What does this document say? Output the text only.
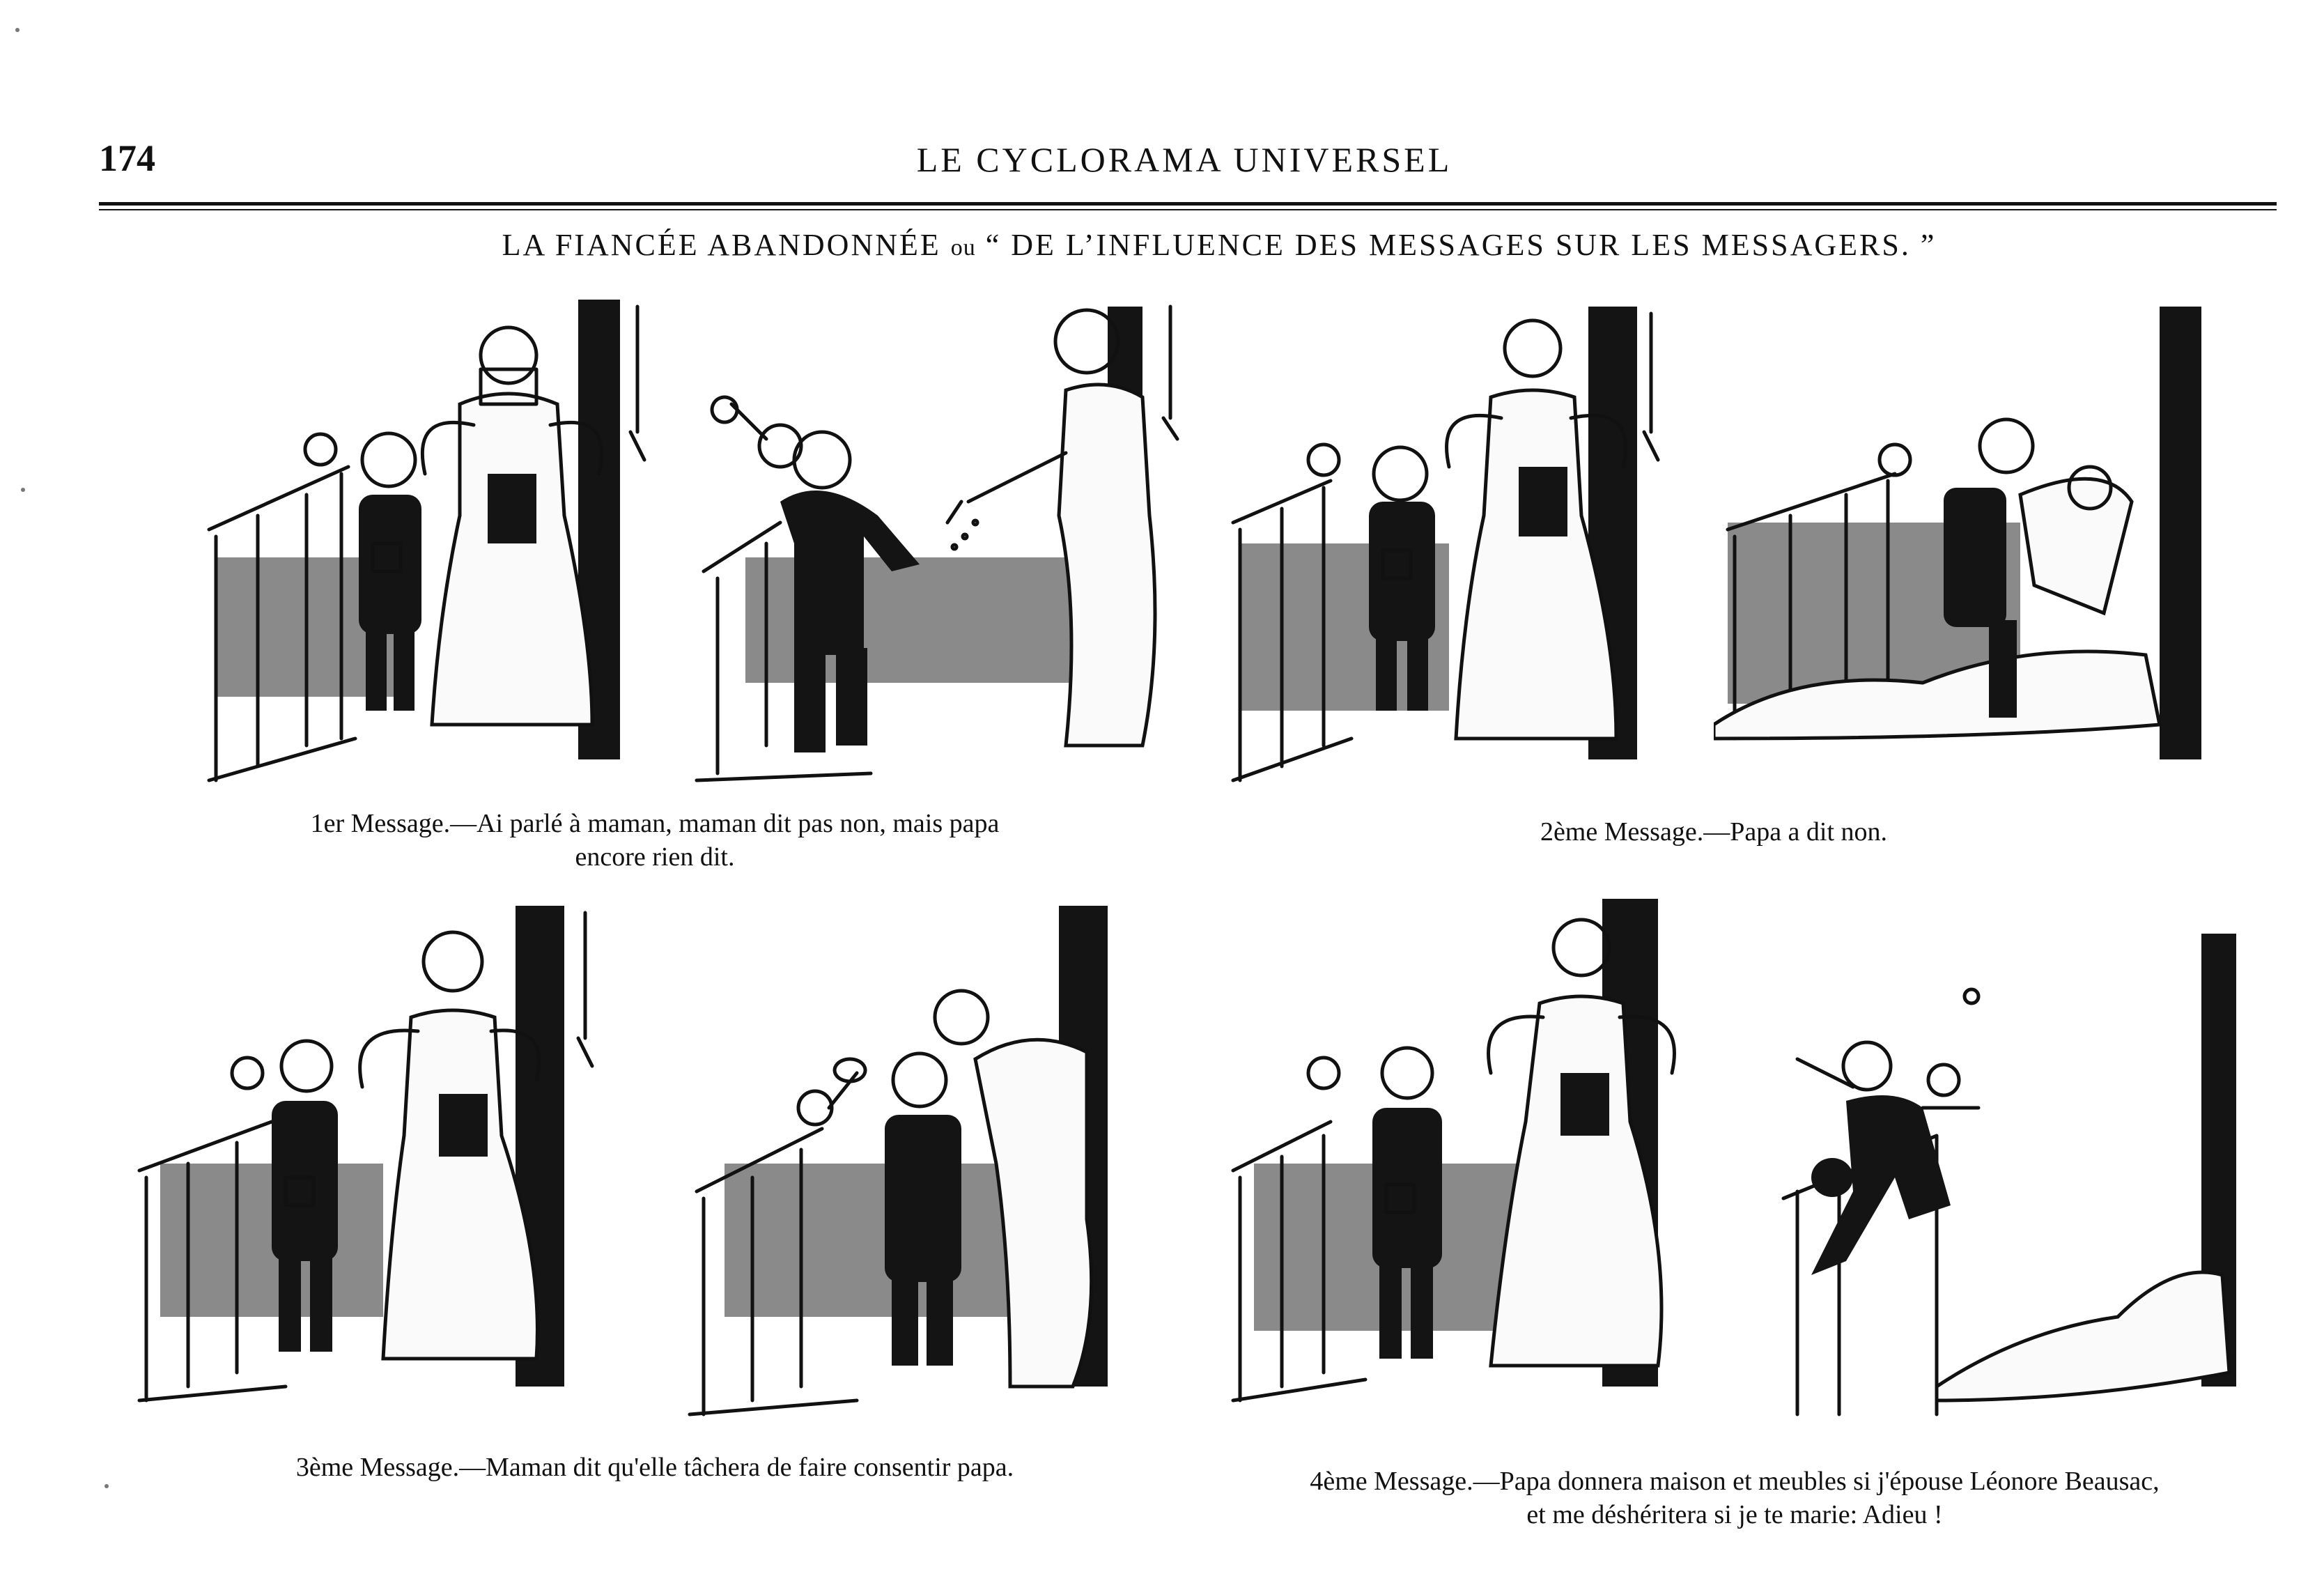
174	LE CYCLORAMA UNIVERSEL
LA FIANCÉE ABANDONNÉE ou “ DE L’INFLUENCE DES MESSAGES SUR LES MESSAGERS. ”
1er Message.—Ai parlé à maman, maman dit pas non, mais papa
encore rien dit.
2ème Message.—Papa a dit non.
3ème Message.—Maman dit qu'elle tâchera de faire consentir papa.	4ème Message.—Papa donnera maison et meubles si j'épouse Léonore Beausac,
et me déshéritera si je te marie: Adieu !
